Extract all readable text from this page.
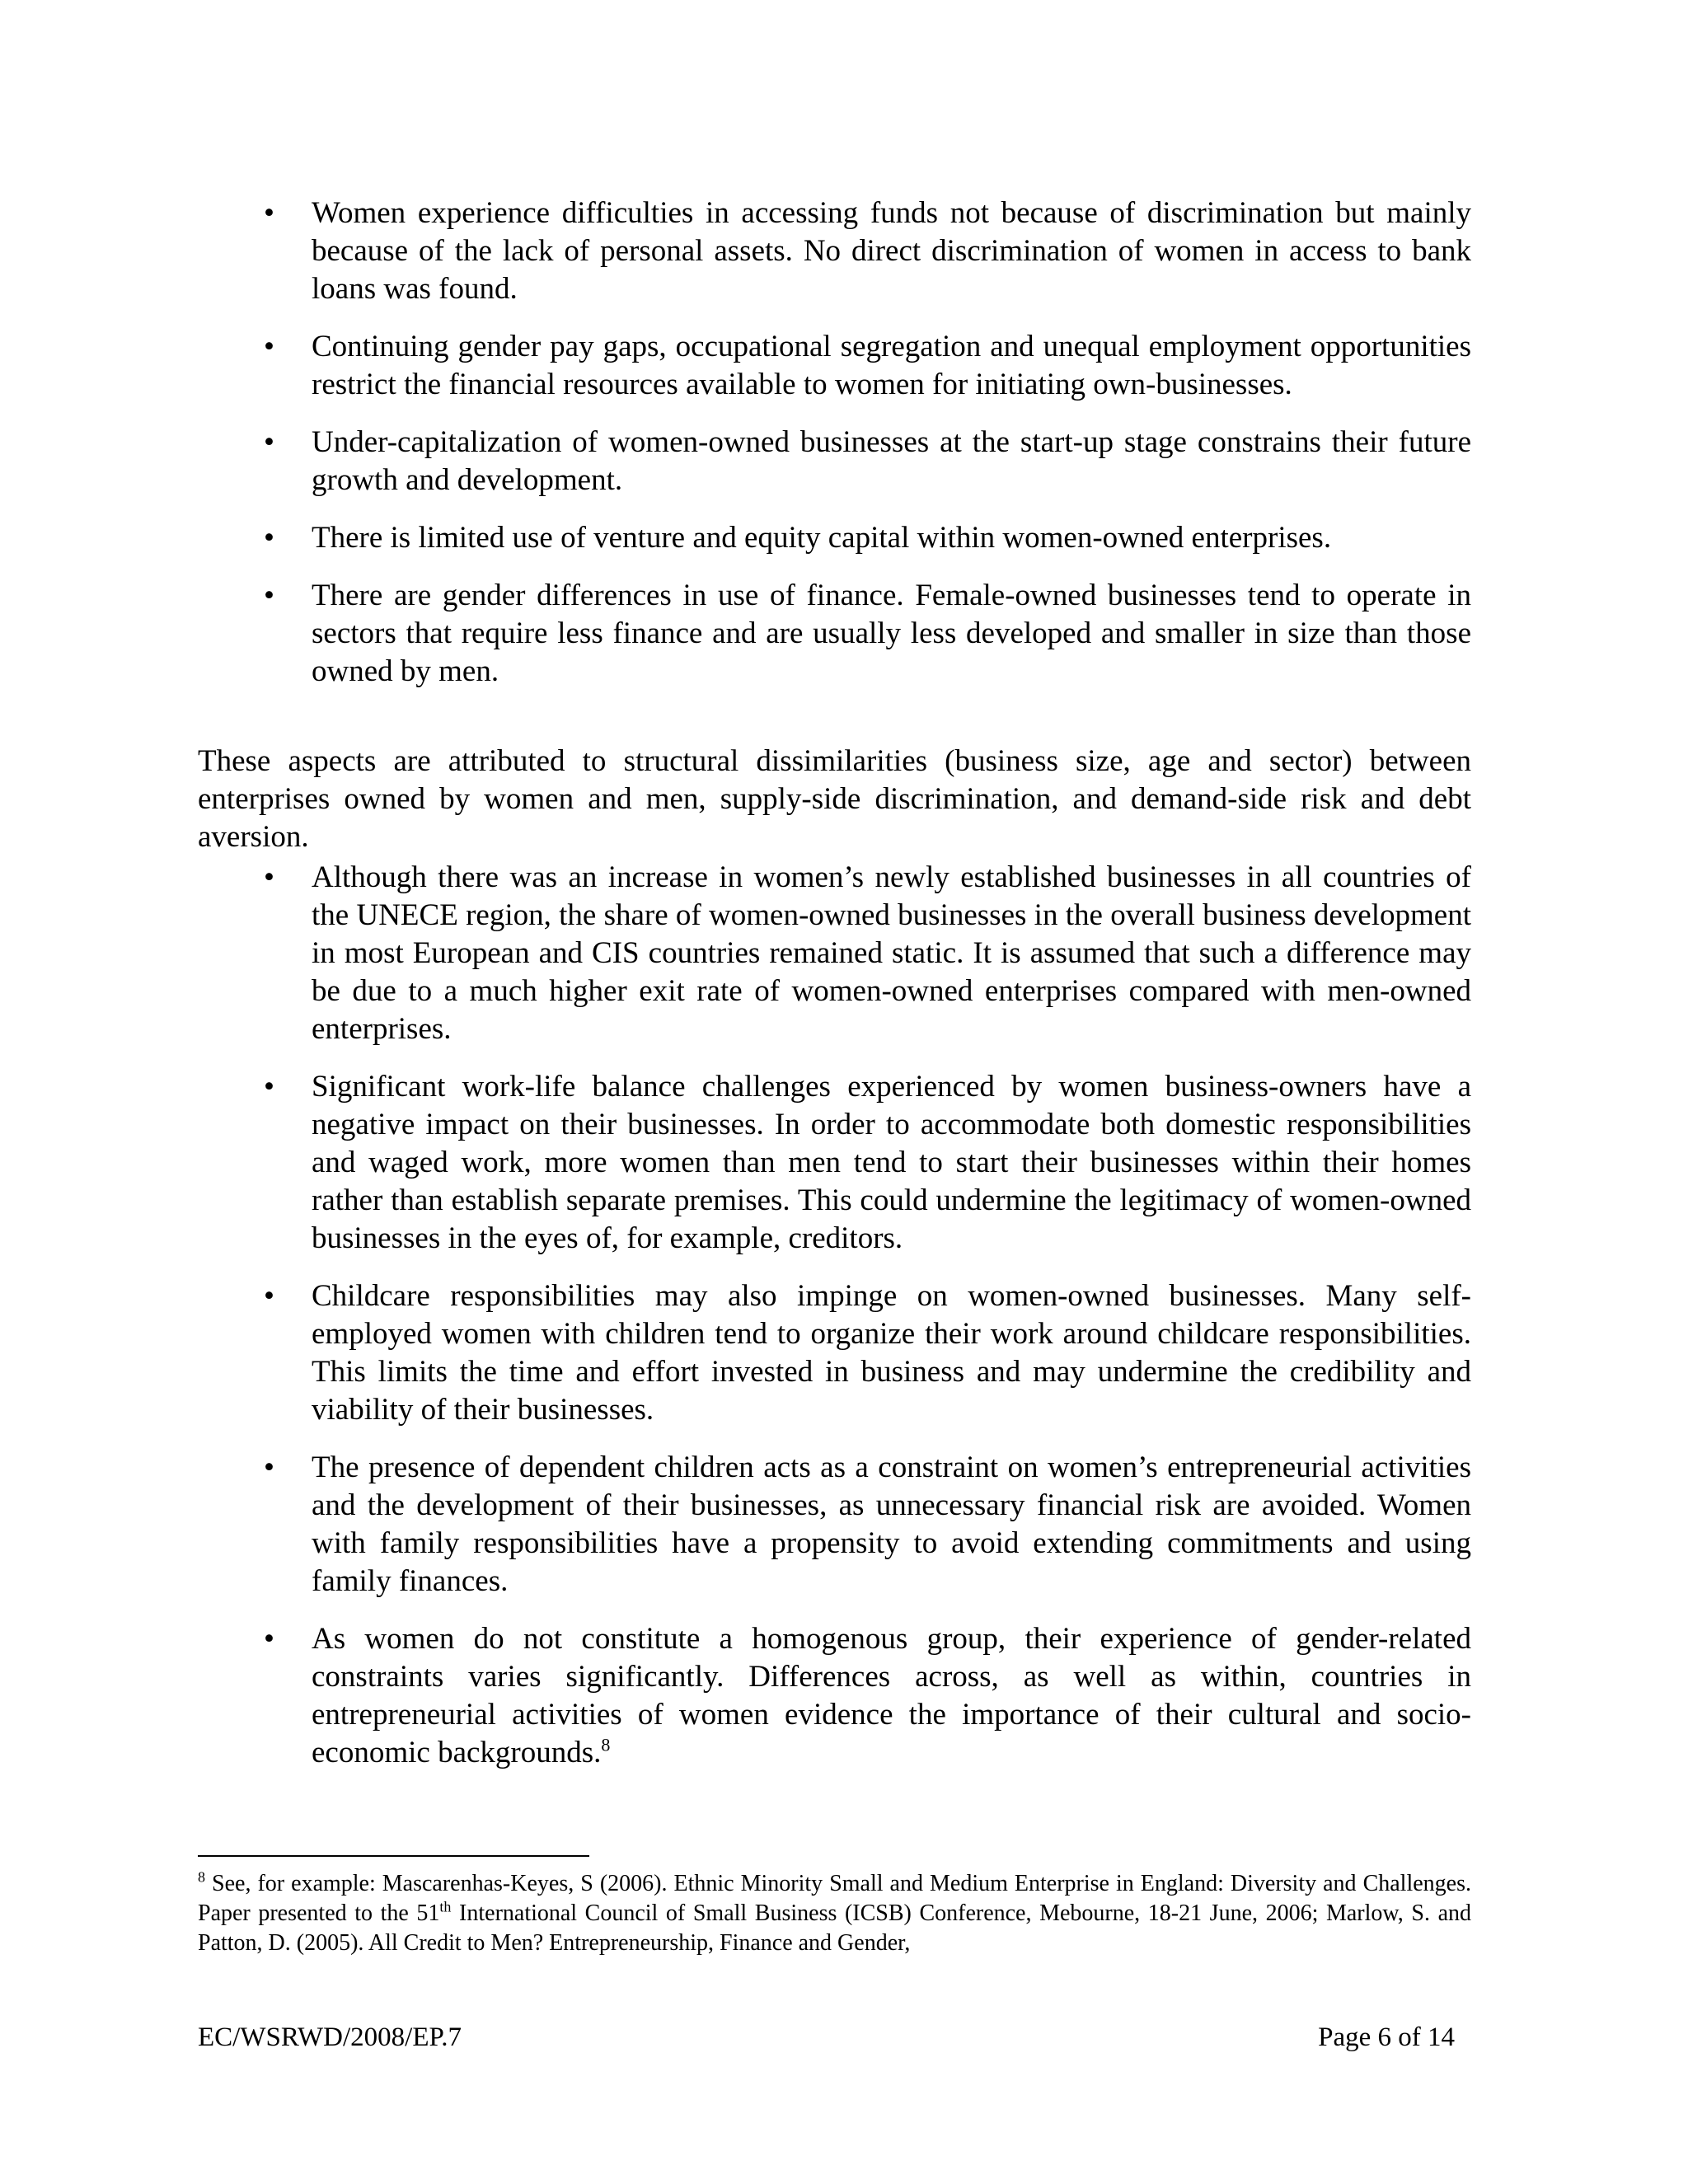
• Women experience difficulties in accessing funds not because of discrimination but mainly because of the lack of personal assets. No direct discrimination of women in access to bank loans was found.
• Continuing gender pay gaps, occupational segregation and unequal employment opportunities restrict the financial resources available to women for initiating own-businesses.
• Under-capitalization of women-owned businesses at the start-up stage constrains their future growth and development.
• There is limited use of venture and equity capital within women-owned enterprises.
• There are gender differences in use of finance. Female-owned businesses tend to operate in sectors that require less finance and are usually less developed and smaller in size than those owned by men.

These aspects are attributed to structural dissimilarities (business size, age and sector) between enterprises owned by women and men, supply-side discrimination, and demand-side risk and debt aversion.

• Although there was an increase in women’s newly established businesses in all countries of the UNECE region, the share of women-owned businesses in the overall business development in most European and CIS countries remained static. It is assumed that such a difference may be due to a much higher exit rate of women-owned enterprises compared with men-owned enterprises.
• Significant work-life balance challenges experienced by women business-owners have a negative impact on their businesses. In order to accommodate both domestic responsibilities and waged work, more women than men tend to start their businesses within their homes rather than establish separate premises. This could undermine the legitimacy of women-owned businesses in the eyes of, for example, creditors.
• Childcare responsibilities may also impinge on women-owned businesses. Many self-employed women with children tend to organize their work around childcare responsibilities. This limits the time and effort invested in business and may undermine the credibility and viability of their businesses.
• The presence of dependent children acts as a constraint on women’s entrepreneurial activities and the development of their businesses, as unnecessary financial risk are avoided. Women with family responsibilities have a propensity to avoid extending commitments and using family finances.
• As women do not constitute a homogenous group, their experience of gender-related constraints varies significantly. Differences across, as well as within, countries in entrepreneurial activities of women evidence the importance of their cultural and socio-economic backgrounds.$^8$
$^8$ See, for example: Mascarenhas-Keyes, S (2006). Ethnic Minority Small and Medium Enterprise in England: Diversity and Challenges. Paper presented to the 51th International Council of Small Business (ICSB) Conference, Mebourne, 18-21 June, 2006; Marlow, S. and Patton, D. (2005). All Credit to Men? Entrepreneurship, Finance and Gender,
EC/WSRWD/2008/EP.7	Page 6 of 14
